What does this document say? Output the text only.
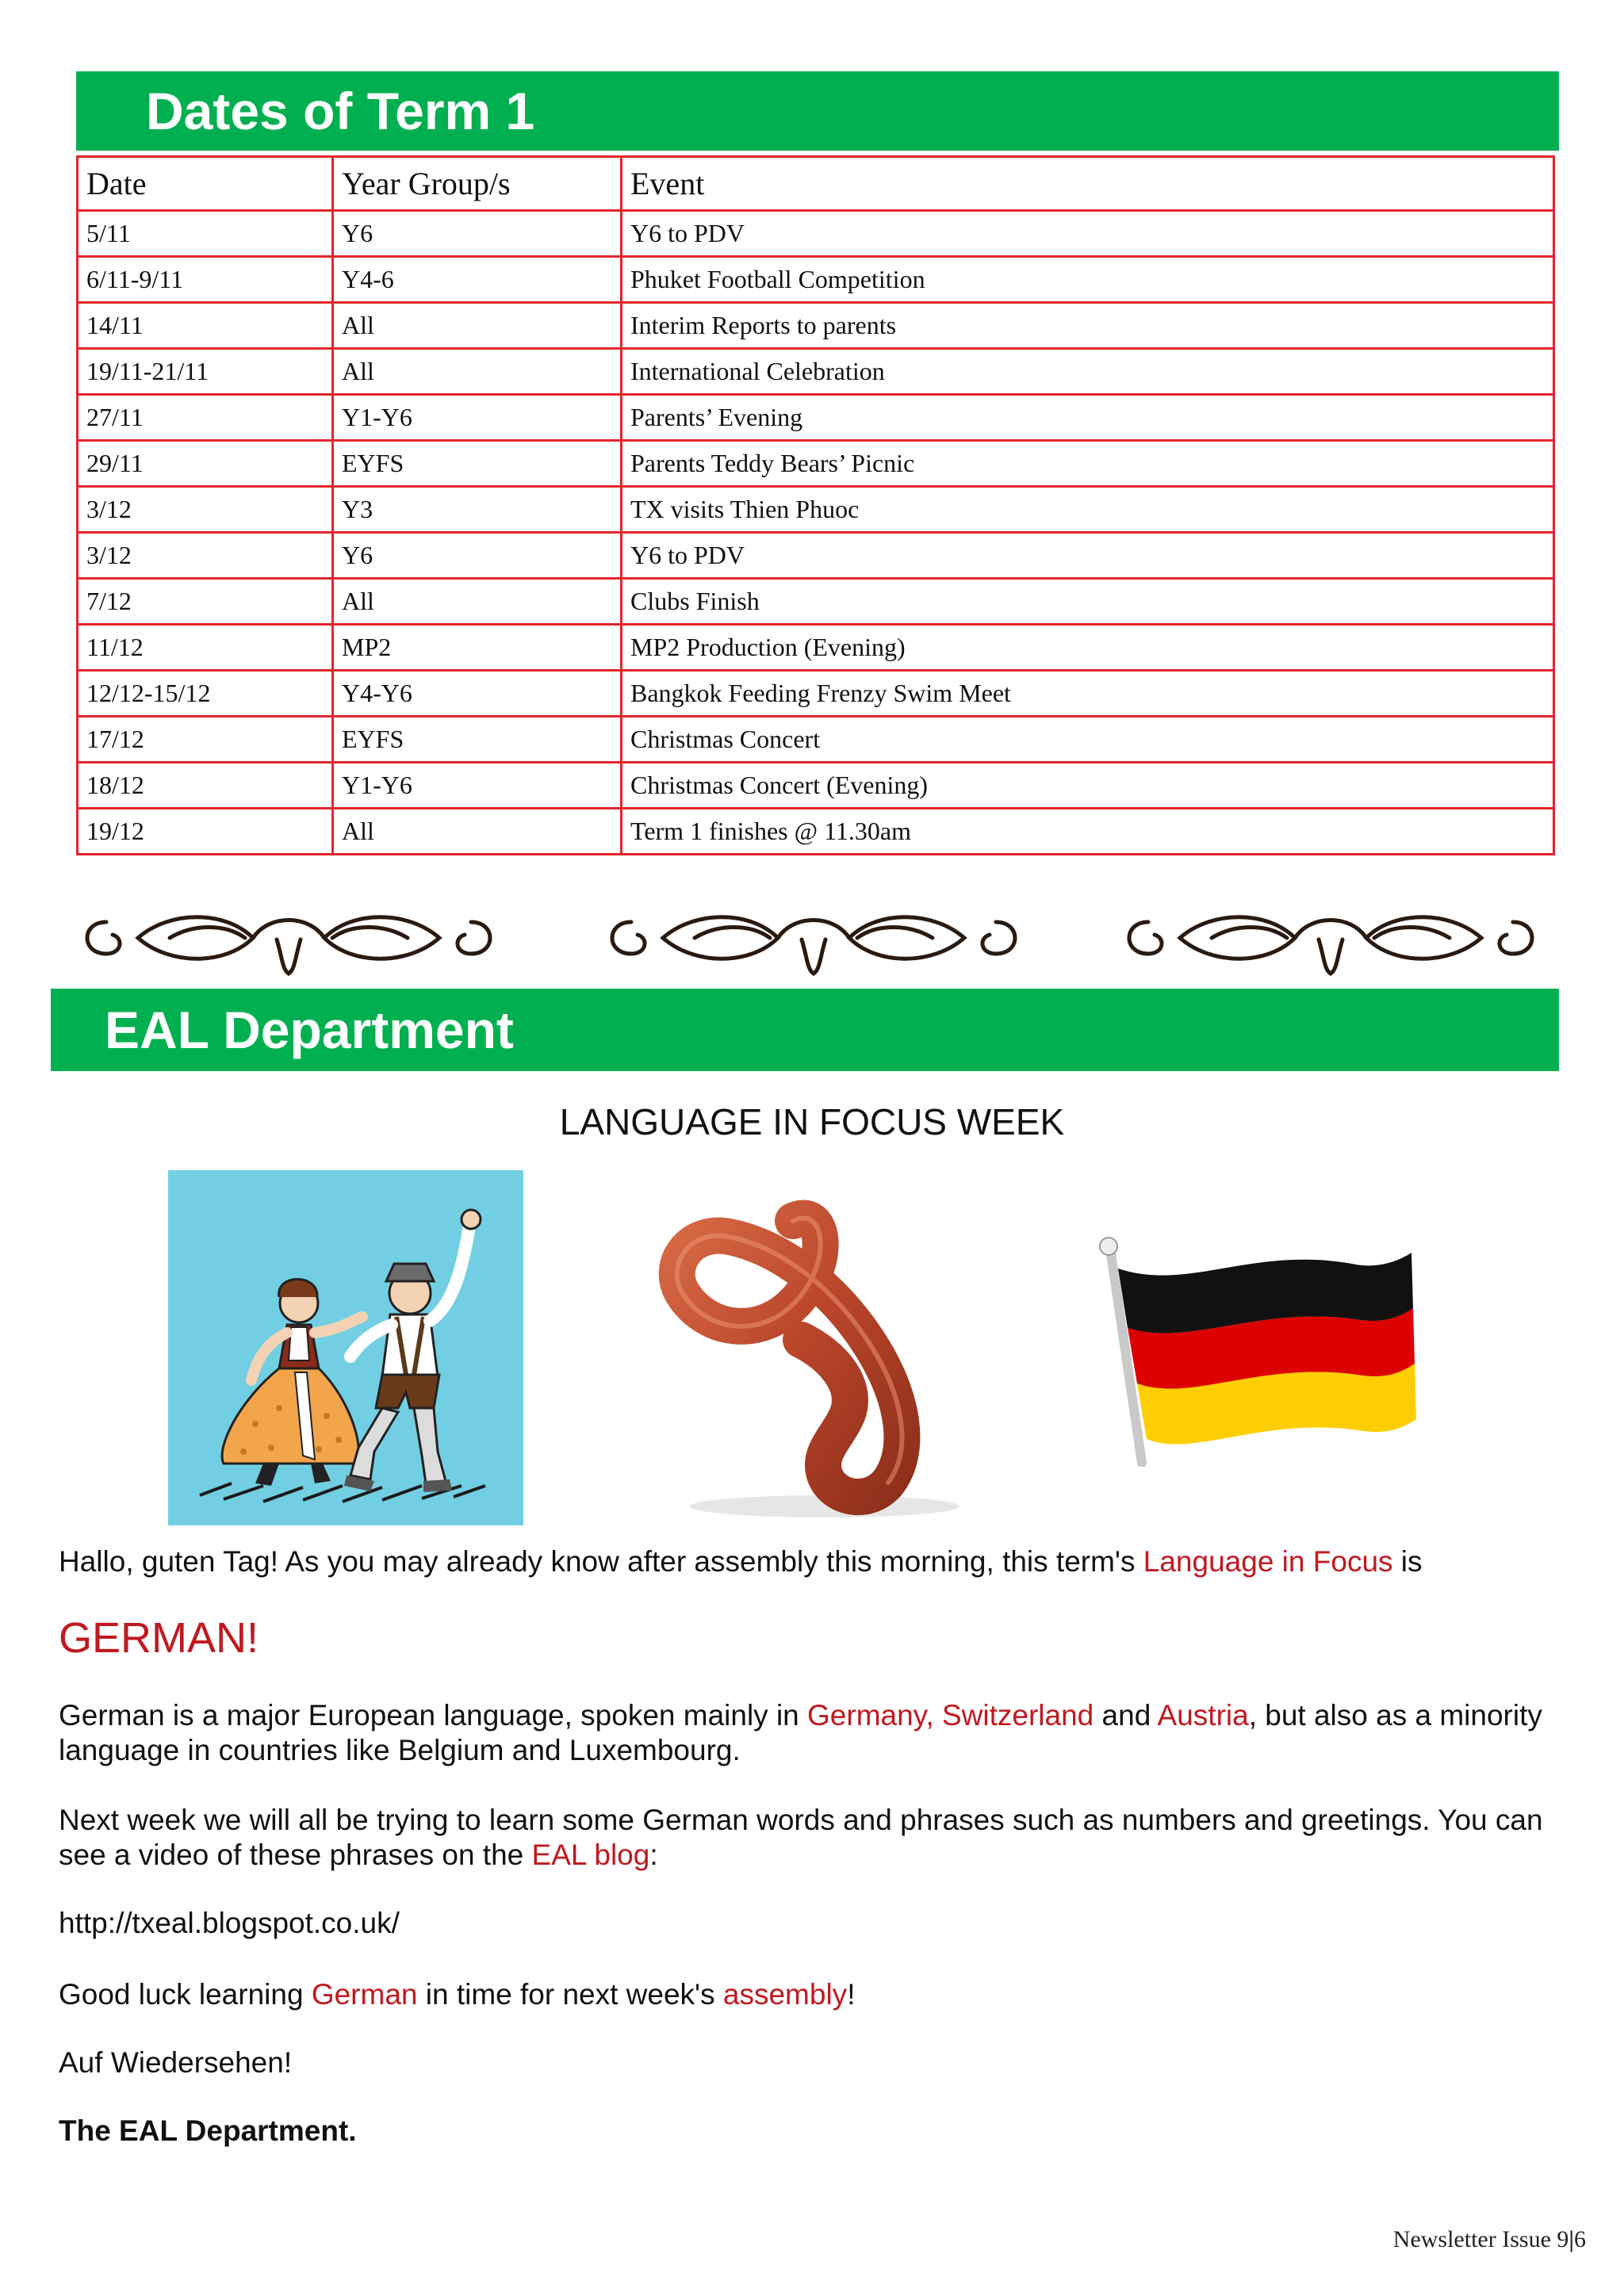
Dates of Term 1
Date	Year Group/s	Event
5/11	Y6	Y6 to PDV
6/11-9/11	Y4-6	Phuket Football Competition
14/11	All	Interim Reports to parents
19/11-21/11	All	International Celebration
27/11	Y1-Y6	Parents’ Evening
29/11	EYFS	Parents Teddy Bears’ Picnic
3/12	Y3	TX visits Thien Phuoc
3/12	Y6	Y6 to PDV
7/12	All	Clubs Finish
11/12	MP2	MP2 Production (Evening)
12/12-15/12	Y4-Y6	Bangkok Feeding Frenzy Swim Meet
17/12	EYFS	Christmas Concert
18/12	Y1-Y6	Christmas Concert (Evening)
19/12	All	Term 1 finishes @ 11.30am
EAL Department
LANGUAGE IN FOCUS WEEK
Hallo, guten Tag! As you may already know after assembly this morning, this term's Language in Focus is
GERMAN!
German is a major European language, spoken mainly in Germany, Switzerland and Austria, but also as a minority language in countries like Belgium and Luxembourg.
Next week we will all be trying to learn some German words and phrases such as numbers and greetings. You can see a video of these phrases on the EAL blog:
http://txeal.blogspot.co.uk/
Good luck learning German in time for next week's assembly!
Auf Wiedersehen!
The EAL Department.
Newsletter Issue 9|6
